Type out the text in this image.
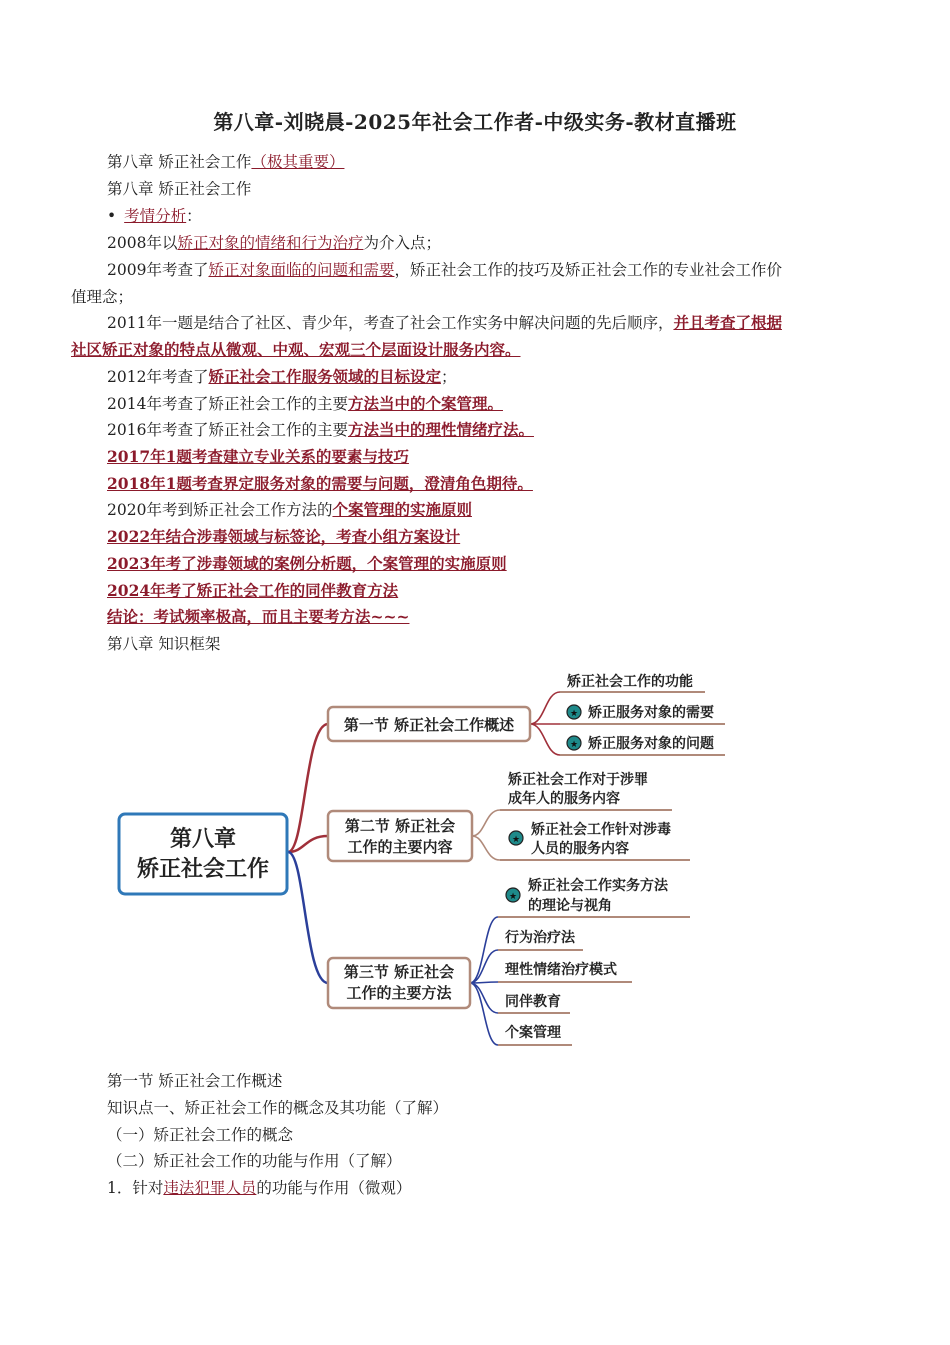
第八章-刘晓晨-2025年社会工作者-中级实务-教材直播班
第八章 矫正社会工作（极其重要）
第八章 矫正社会工作
• 考情分析：
2008年以矫正对象的情绪和行为治疗为介入点；
2009年考查了矫正对象面临的问题和需要，矫正社会工作的技巧及矫正社会工作的专业社会工作价
值理念；
2011年一题是结合了社区、青少年，考查了社会工作实务中解决问题的先后顺序，并且考查了根据
社区矫正对象的特点从微观、中观、宏观三个层面设计服务内容。
2012年考查了矫正社会工作服务领域的目标设定；
2014年考查了矫正社会工作的主要方法当中的个案管理。
2016年考查了矫正社会工作的主要方法当中的理性情绪疗法。
2017年1题考查建立专业关系的要素与技巧
2018年1题考查界定服务对象的需要与问题，澄清角色期待。
2020年考到矫正社会工作方法的个案管理的实施原则
2022年结合涉毒领域与标签论，考查小组方案设计
2023年考了涉毒领域的案例分析题，个案管理的实施原则
2024年考了矫正社会工作的同伴教育方法
结论：考试频率极高，而且主要考方法~~~
第八章 知识框架
第八章
矫正社会工作
第一节 矫正社会工作概述
第二节 矫正社会
工作的主要内容
第三节 矫正社会
工作的主要方法
矫正社会工作的功能
★ 矫正服务对象的需要
★ 矫正服务对象的问题
矫正社会工作对于涉罪
成年人的服务内容
★
矫正社会工作针对涉毒
人员的服务内容
★
矫正社会工作实务方法
的理论与视角
行为治疗法
理性情绪治疗模式
同伴教育
个案管理
第一节 矫正社会工作概述
知识点一、矫正社会工作的概念及其功能（了解）
（一）矫正社会工作的概念
（二）矫正社会工作的功能与作用（了解）
1．针对违法犯罪人员的功能与作用（微观）
